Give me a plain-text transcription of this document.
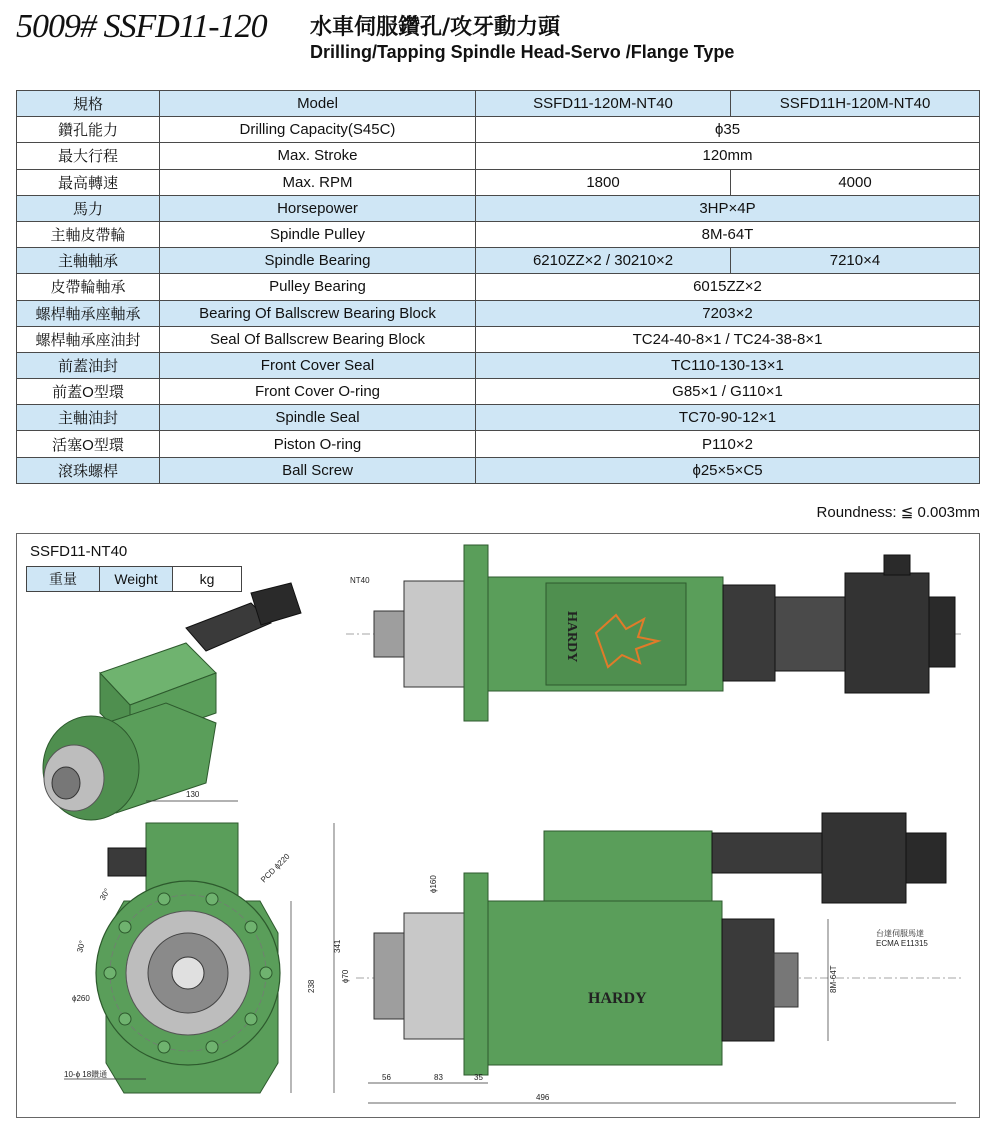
5009# SSFD11-120 水車伺服鑽孔/攻牙動力頭
Drilling/Tapping Spindle Head-Servo /Flange Type
規格	Model	SSFD11-120M-NT40	SSFD11H-120M-NT40
鑽孔能力	Drilling Capacity(S45C)	ϕ35	
最大行程	Max. Stroke	120mm	
最高轉速	Max. RPM	1800	4000
馬力	Horsepower	3HP×4P	
主軸皮帶輪	Spindle Pulley	8M-64T	
主軸軸承	Spindle Bearing	6210ZZ×2 / 30210×2	7210×4
皮帶輪軸承	Pulley Bearing	6015ZZ×2	
螺桿軸承座軸承	Bearing Of Ballscrew Bearing Block	7203×2	
螺桿軸承座油封	Seal Of Ballscrew Bearing Block	TC24-40-8×1 / TC24-38-8×1	
前蓋油封	Front Cover Seal	TC110-130-13×1	
前蓋O型環	Front Cover O-ring	G85×1 / G110×1	
主軸油封	Spindle Seal	TC70-90-12×1	
活塞O型環	Piston O-ring	P110×2	
滾珠螺桿	Ball Screw	ϕ25×5×C5	
Roundness: ≦ 0.003mm
SSFD11-NT40
重量	Weight	kg
HARDY
NT40
130
PCD ϕ220
30°
30°
ϕ260
238
341
10-ϕ 18鑽通
HARDY
ϕ160
ϕ70
56	83	35
496
8M-64T
台達伺服馬達
ECMA E11315
